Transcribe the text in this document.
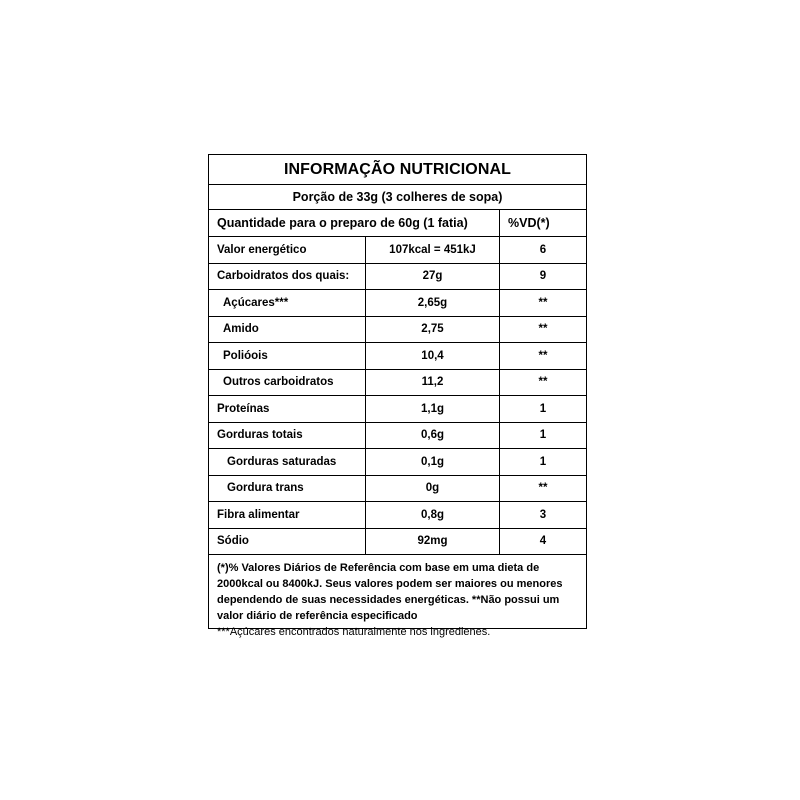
INFORMAÇÃO NUTRICIONAL
Porção de 33g (3 colheres de sopa)
Quantidade para o preparo de 60g (1 fatia)	%VD(*)
Valor energético	107kcal = 451kJ	6
Carboidratos dos quais:	27g	9
Açúcares***	2,65g	**
Amido	2,75	**
Polióois	10,4	**
Outros carboidratos	11,2	**
Proteínas	1,1g	1
Gorduras totais	0,6g	1
Gorduras saturadas	0,1g	1
Gordura trans	0g	**
Fibra alimentar	0,8g	3
Sódio	92mg	4
(*)% Valores Diários de Referência com base em uma dieta de 2000kcal ou 8400kJ. Seus valores podem ser maiores ou menores dependendo de suas necessidades energéticas. **Não possui um valor diário de referência especificado
***Açúcares encontrados naturalmente nos ingredienes.
